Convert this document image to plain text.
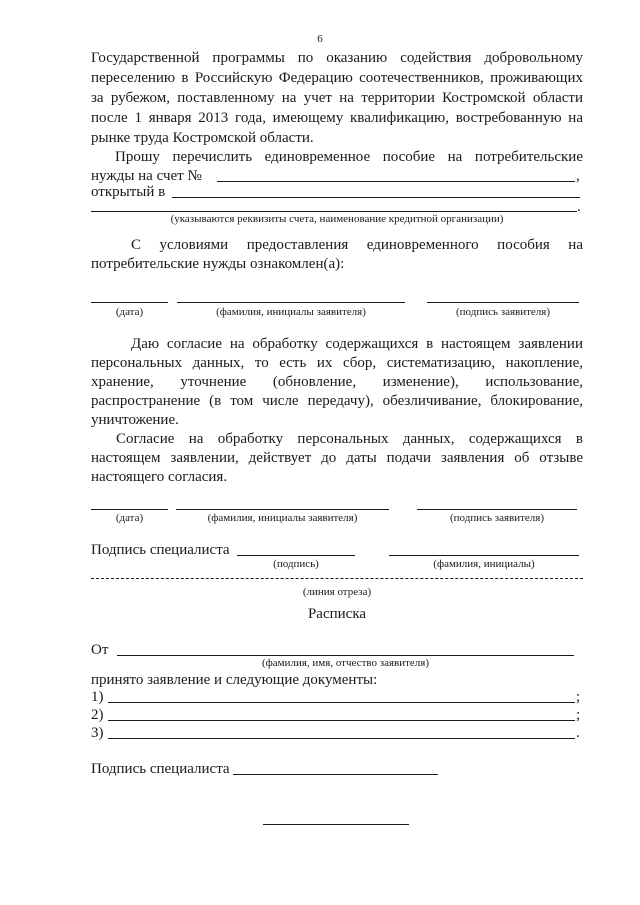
6
Государственной программы по оказанию содействия добровольному
переселению в Российскую Федерацию соотечественников, проживающих
за рубежом, поставленному на учет на территории Костромской области
после 1 января 2013 года, имеющему квалификацию, востребованную на
рынке труда Костромской области.
Прошу перечислить единовременное пособие на потребительские
нужды на счет №	,
открытый в
.
(указываются реквизиты счета, наименование кредитной организации)
С условиями предоставления единовременного пособия на
потребительские нужды ознакомлен(а):
(дата)	(фамилия, инициалы заявителя)	(подпись заявителя)
Даю согласие на обработку содержащихся в настоящем заявлении
персональных данных, то есть их сбор, систематизацию, накопление,
хранение, уточнение (обновление, изменение), использование,
распространение (в том числе передачу), обезличивание, блокирование,
уничтожение.
Согласие на обработку персональных данных, содержащихся в
настоящем заявлении, действует до даты подачи заявления об отзыве
настоящего согласия.
(дата)	(фамилия, инициалы заявителя)	(подпись заявителя)
Подпись специалиста
(подпись)	(фамилия, инициалы)
(линия отреза)
Расписка
От
(фамилия, имя, отчество заявителя)
принято заявление и следующие документы:
1)	;
2)	;
3)	.
Подпись специалиста
